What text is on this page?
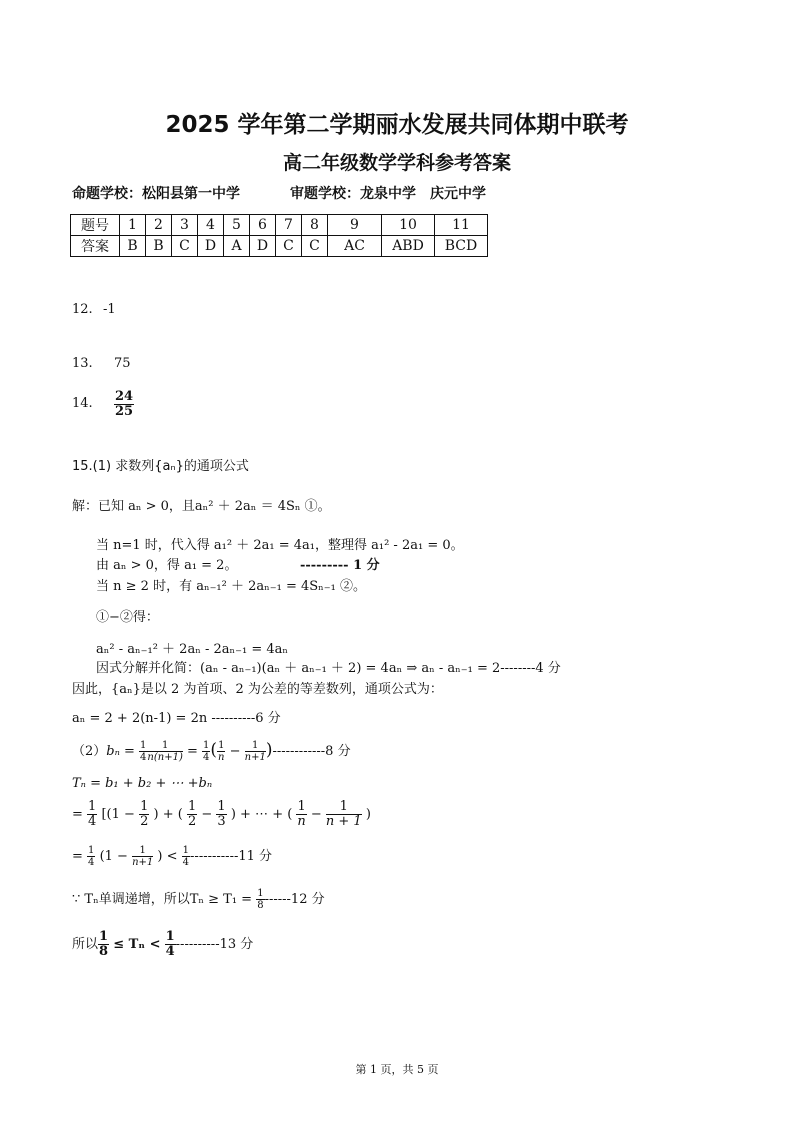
2025 学年第二学期丽水发展共同体期中联考
高二年级数学学科参考答案
命题学校：松阳县第一中学	审题学校：龙泉中学　庆元中学
题号	1	2	3	4	5	6	7	8	9	10	11
答案	B	B	C	D	A	D	C	C	AC	ABD	BCD
12. -1
13. 75
14. $\frac{24}{25}$
15.(1) 求数列{aₙ}的通项公式
解：已知 aₙ > 0，且aₙ² ＋ 2aₙ ＝ 4Sₙ ①。
当 n=1 时，代入得 a₁² ＋ 2a₁ = 4a₁，整理得 a₁² - 2a₁ = 0。
由 aₙ > 0，得 a₁ = 2。	--------- 1 分
当 n ≥ 2 时，有 aₙ₋₁² ＋ 2aₙ₋₁ = 4Sₙ₋₁ ②。
①−②得：
aₙ² - aₙ₋₁² ＋ 2aₙ - 2aₙ₋₁ = 4aₙ
因式分解并化简：(aₙ - aₙ₋₁)(aₙ ＋ aₙ₋₁ ＋ 2) = 4aₙ ⇒ aₙ - aₙ₋₁ = 2--------4 分
因此，{aₙ}是以 2 为首项、2 为公差的等差数列，通项公式为：
aₙ = 2 + 2(n-1) = 2n ----------6 分
$(2)b_n = \frac{1}{4} \frac{1}{n(n+1)} = \frac{1}{4}$ ( $\frac{1}{n} - \frac{1}{n+1} )------------8$ 分
Tₙ = b₁ + b₂ + ⋯ +bₙ
= $\frac{1}{4} [(1 - \frac{1}{2}$ ) + ( $\frac{1}{2} - \frac{1}{3}$ ) + ⋯ + ( $\frac{1}{n} - \frac{1}{n + 1}$ )
= $\frac{1}{4} (1 - \frac{1}{n+1}$ ) < $\frac{1}{4} -----------11$ 分
∵ Tₙ单调递增，所以$T_n \ge T_1 = \frac{1}{8} ------12$ 分
所以 $\frac{1}{8} \le T_n < \frac{1}{4} ----------13$ 分
第 1 页，共 5 页
